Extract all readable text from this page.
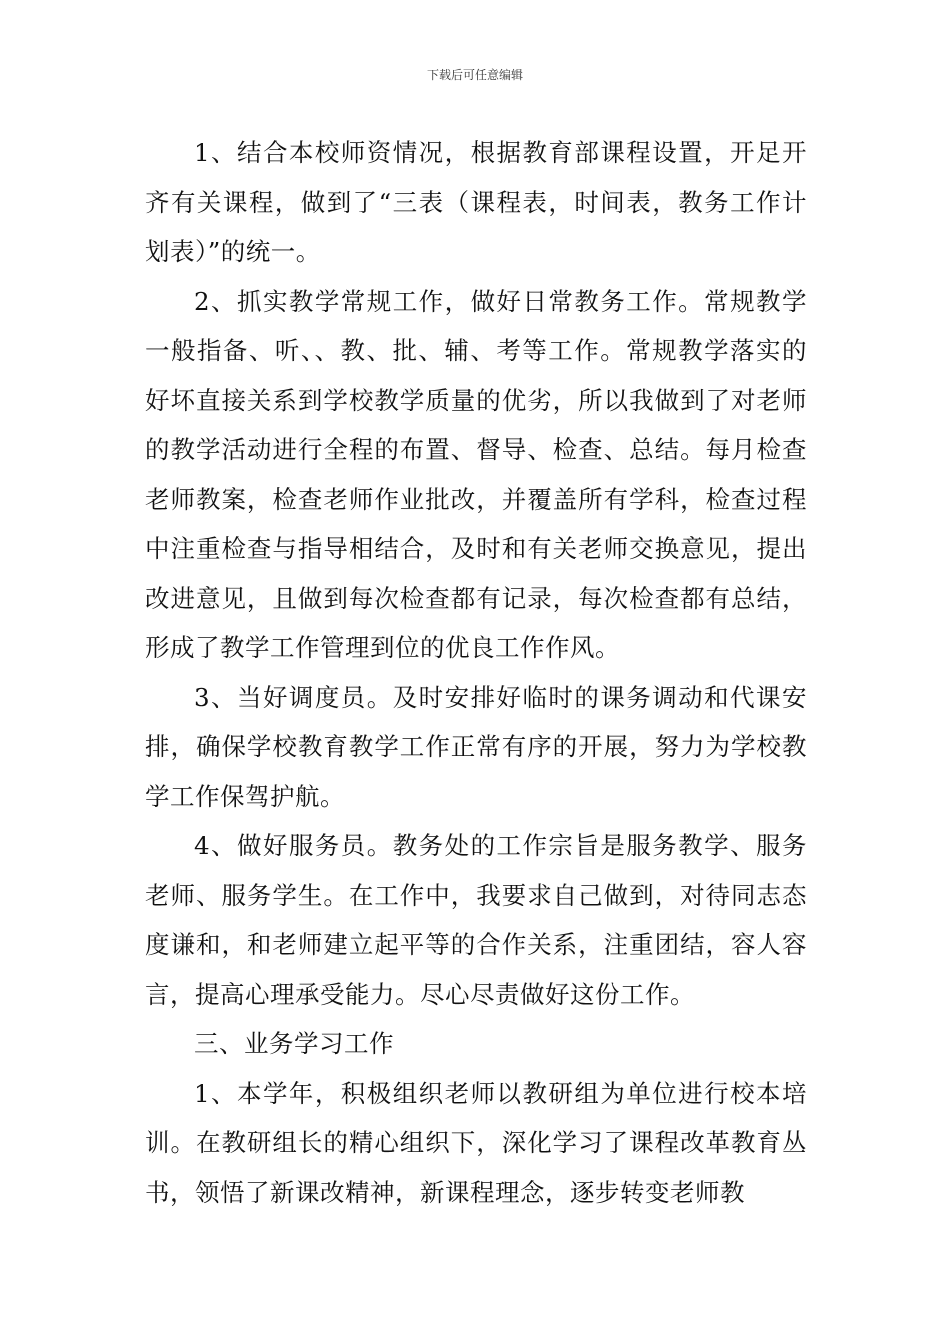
下载后可任意编辑

1、结合本校师资情况，根据教育部课程设置，开足开齐有关课程，做到了“三表（课程表，时间表，教务工作计划表）”的统一。

2、抓实教学常规工作，做好日常教务工作。常规教学一般指备、听、、教、批、辅、考等工作。常规教学落实的好坏直接关系到学校教学质量的优劣，所以我做到了对老师的教学活动进行全程的布置、督导、检查、总结。每月检查老师教案，检查老师作业批改，并覆盖所有学科，检查过程中注重检查与指导相结合，及时和有关老师交换意见，提出改进意见，且做到每次检查都有记录，每次检查都有总结，形成了教学工作管理到位的优良工作作风。

3、当好调度员。及时安排好临时的课务调动和代课安排，确保学校教育教学工作正常有序的开展，努力为学校教学工作保驾护航。

4、做好服务员。教务处的工作宗旨是服务教学、服务老师、服务学生。在工作中，我要求自己做到，对待同志态度谦和，和老师建立起平等的合作关系，注重团结，容人容言，提高心理承受能力。尽心尽责做好这份工作。

三、业务学习工作

1、本学年，积极组织老师以教研组为单位进行校本培训。在教研组长的精心组织下，深化学习了课程改革教育丛书，领悟了新课改精神，新课程理念，逐步转变老师教
